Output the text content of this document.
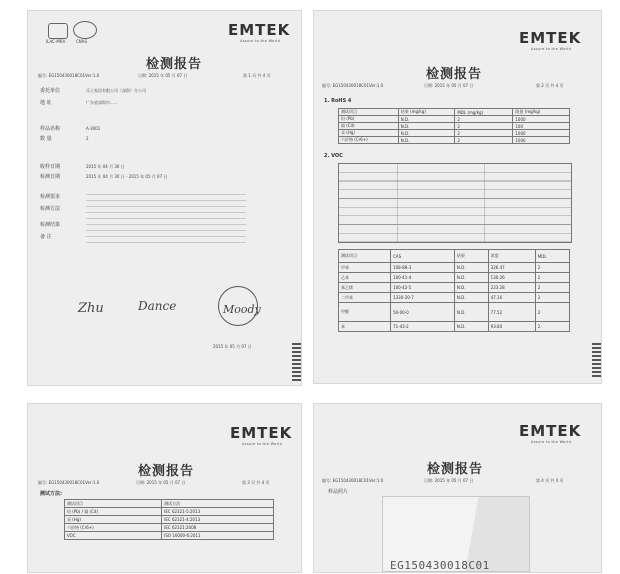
ILAC-MRA	CNAS
EMTEK
Assure to the World
检测报告
编号: EG150430018C01Ver:1.0	日期: 2015 年 05 月 07 日	第 1 页 共 4 页
委托单位	乐土家居有限公司（深圳）分公司
地 址	广东省深圳市……
样品名称	A-3001
数 量	2
收样日期	2015 年 04 月 30 日
检测日期	2015 年 04 月 30 日 - 2015 年 05 月 07 日
检测要求
检测方法
检测结果
备 注
Zhu	Dance	Moody
2015 年 05 月 07 日
EMTEK
Assure to the World
检测报告
编号: EG150430018C01Ver:1.0	日期: 2015 年 05 月 07 日	第 2 页 共 4 页
1. RoHS 4
测试项目	结果 (mg/kg)	MDL (mg/kg)	限值 (mg/kg)
铅 (Pb)	N.D.	2	1000
镉 (Cd)	N.D.	2	100
汞 (Hg)	N.D.	2	1000
六价铬 (Cr6+)	N.D.	2	1000
2. VOC
测试项目	CAS	结果	浓度	MDL
甲苯	108-88-3	N.D.	326.47	2
乙苯	100-41-4	N.D.	130.26	2
苯乙烯	100-42-5	N.D.	223.28	2
二甲苯	1330-20-7	N.D.	47.16	2
甲醛	50-00-0	N.D.	77.52	2
苯	71-43-2	N.D.	93.80	2
EMTEK
Assure to the World
检测报告
编号: EG150430018C01Ver:1.0	日期: 2015 年 05 月 07 日	第 3 页 共 4 页
测试方法:
测试项目	测试方法
铅 (Pb) / 镉 (Cd)	IEC 62321-5:2013
汞 (Hg)	IEC 62321-4:2013
六价铬 (Cr6+)	IEC 62321:2008
VOC	ISO 16000-6:2011
EMTEK
Assure to the World
检测报告
编号: EG150430018C01Ver:1.0	日期: 2015 年 05 月 07 日	第 4 页 共 4 页
样品照片
EG150430018C01
